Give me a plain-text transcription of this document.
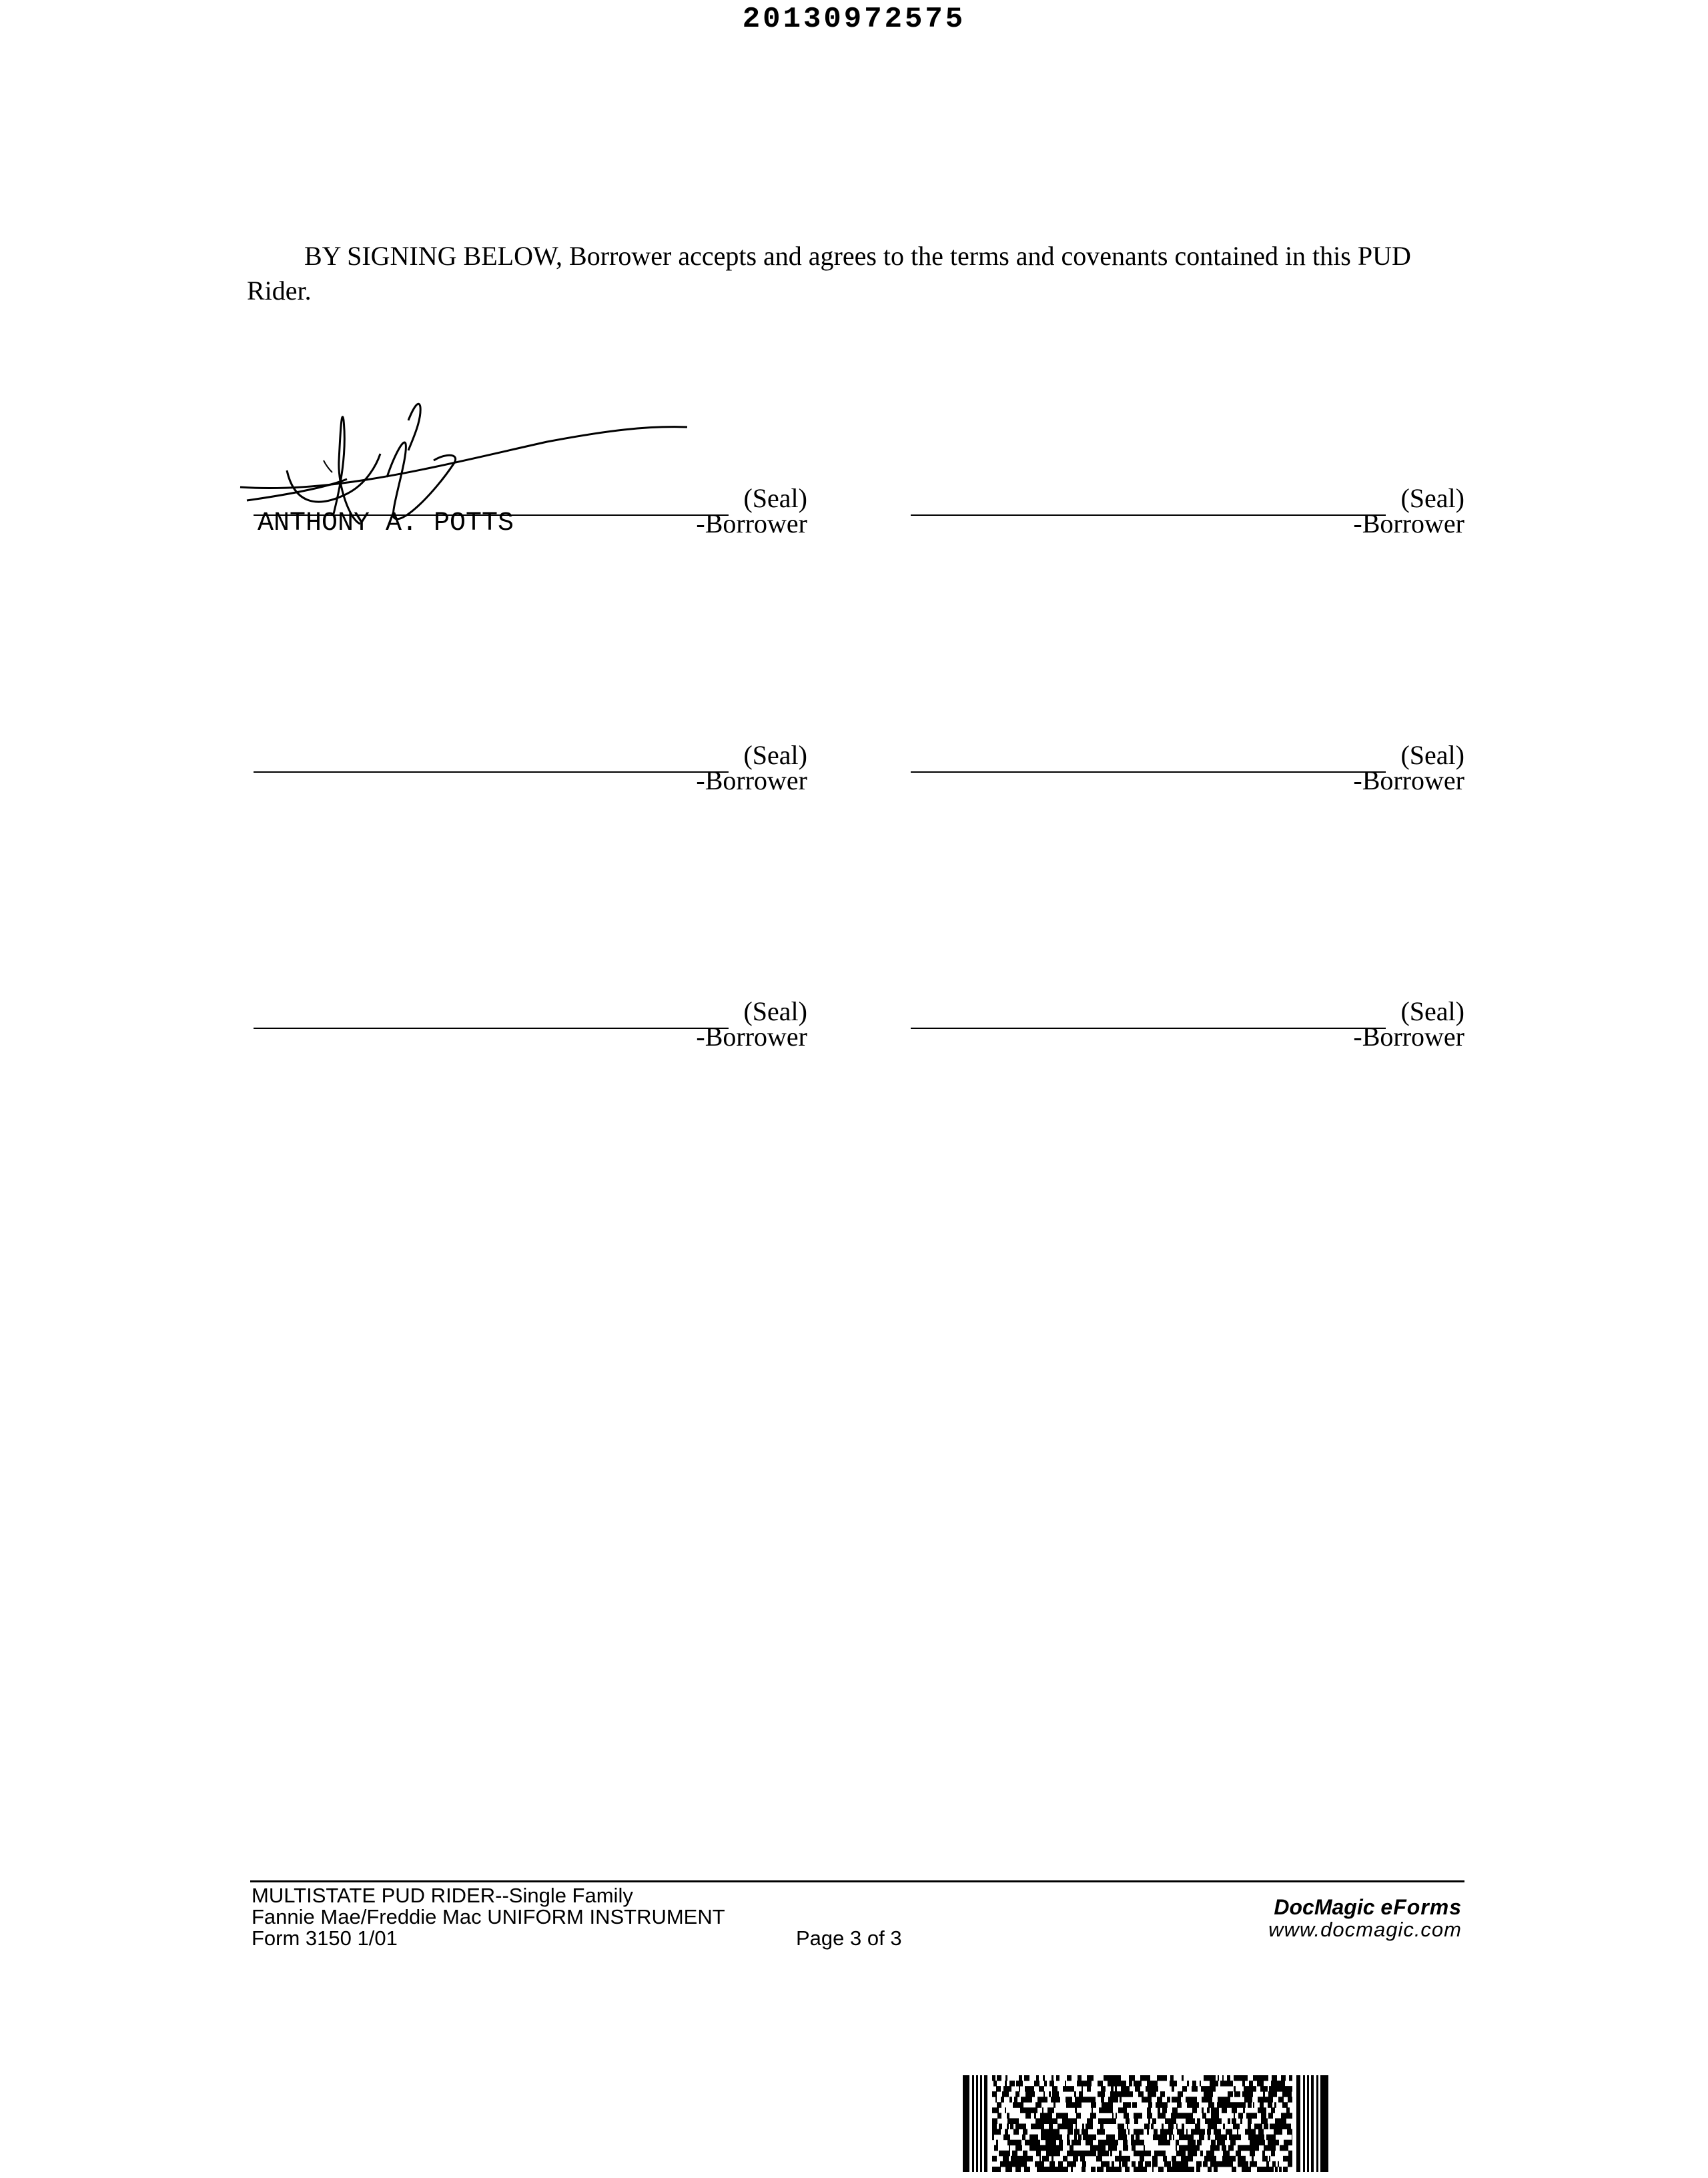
20130972575
BY SIGNING BELOW, Borrower accepts and agrees to the terms and covenants contained in this PUD Rider.
(Seal)
ANTHONY A. POTTS	-Borrower
(Seal)
-Borrower
(Seal)
-Borrower
(Seal)
-Borrower
(Seal)
-Borrower
(Seal)
-Borrower
MULTISTATE PUD RIDER--Single Family
Fannie Mae/Freddie Mac UNIFORM INSTRUMENT
Form 3150 1/01	Page 3 of 3
DocMagic eForms
www.docmagic.com
